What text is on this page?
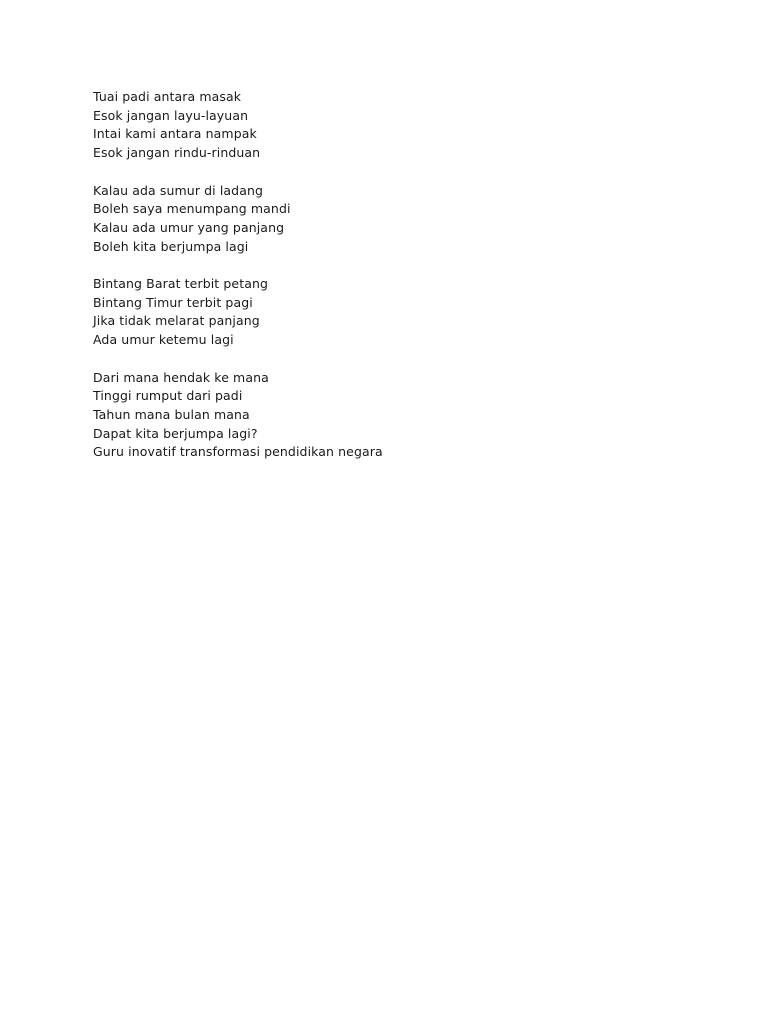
Tuai padi antara masak
Esok jangan layu-layuan
Intai kami antara nampak
Esok jangan rindu-rinduan
Kalau ada sumur di ladang
Boleh saya menumpang mandi
Kalau ada umur yang panjang
Boleh kita berjumpa lagi
Bintang Barat terbit petang
Bintang Timur terbit pagi
Jika tidak melarat panjang
Ada umur ketemu lagi
Dari mana hendak ke mana
Tinggi rumput dari padi
Tahun mana bulan mana
Dapat kita berjumpa lagi?
Guru inovatif transformasi pendidikan negara
